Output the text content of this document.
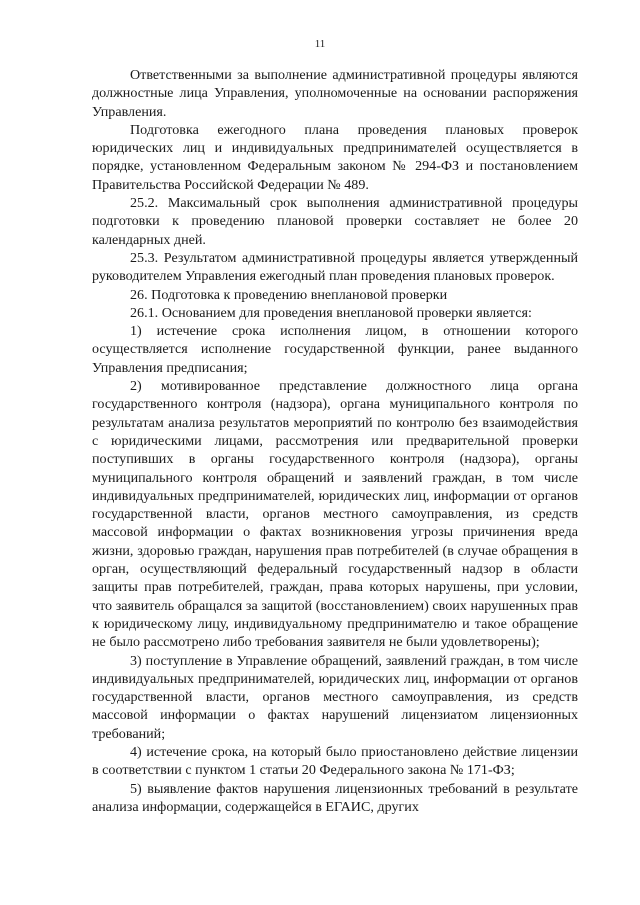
11

Ответственными за выполнение административной процедуры являются должностные лица Управления, уполномоченные на основании распоряжения Управления.

Подготовка ежегодного плана проведения плановых проверок юридических лиц и индивидуальных предпринимателей осуществляется в порядке, установленном Федеральным законом № 294-ФЗ и постановлением Правительства Российской Федерации № 489.

25.2. Максимальный срок выполнения административной процедуры подготовки к проведению плановой проверки составляет не более 20 календарных дней.

25.3. Результатом административной процедуры является утвержденный руководителем Управления ежегодный план проведения плановых проверок.

26. Подготовка к проведению внеплановой проверки

26.1. Основанием для проведения внеплановой проверки является:

1) истечение срока исполнения лицом, в отношении которого осуществляется исполнение государственной функции, ранее выданного Управления предписания;

2) мотивированное представление должностного лица органа государственного контроля (надзора), органа муниципального контроля по результатам анализа результатов мероприятий по контролю без взаимодействия с юридическими лицами, рассмотрения или предварительной проверки поступивших в органы государственного контроля (надзора), органы муниципального контроля обращений и заявлений граждан, в том числе индивидуальных предпринимателей, юридических лиц, информации от органов государственной власти, органов местного самоуправления, из средств массовой информации о фактах возникновения угрозы причинения вреда жизни, здоровью граждан, нарушения прав потребителей (в случае обращения в орган, осуществляющий федеральный государственный надзор в области защиты прав потребителей, граждан, права которых нарушены, при условии, что заявитель обращался за защитой (восстановлением) своих нарушенных прав к юридическому лицу, индивидуальному предпринимателю и такое обращение не было рассмотрено либо требования заявителя не были удовлетворены);

3) поступление в Управление обращений, заявлений граждан, в том числе индивидуальных предпринимателей, юридических лиц, информации от органов государственной власти, органов местного самоуправления, из средств массовой информации о фактах нарушений лицензиатом лицензионных требований;

4) истечение срока, на который было приостановлено действие лицензии в соответствии с пунктом 1 статьи 20 Федерального закона № 171-ФЗ;

5) выявление фактов нарушения лицензионных требований в результате анализа информации, содержащейся в ЕГАИС, других
